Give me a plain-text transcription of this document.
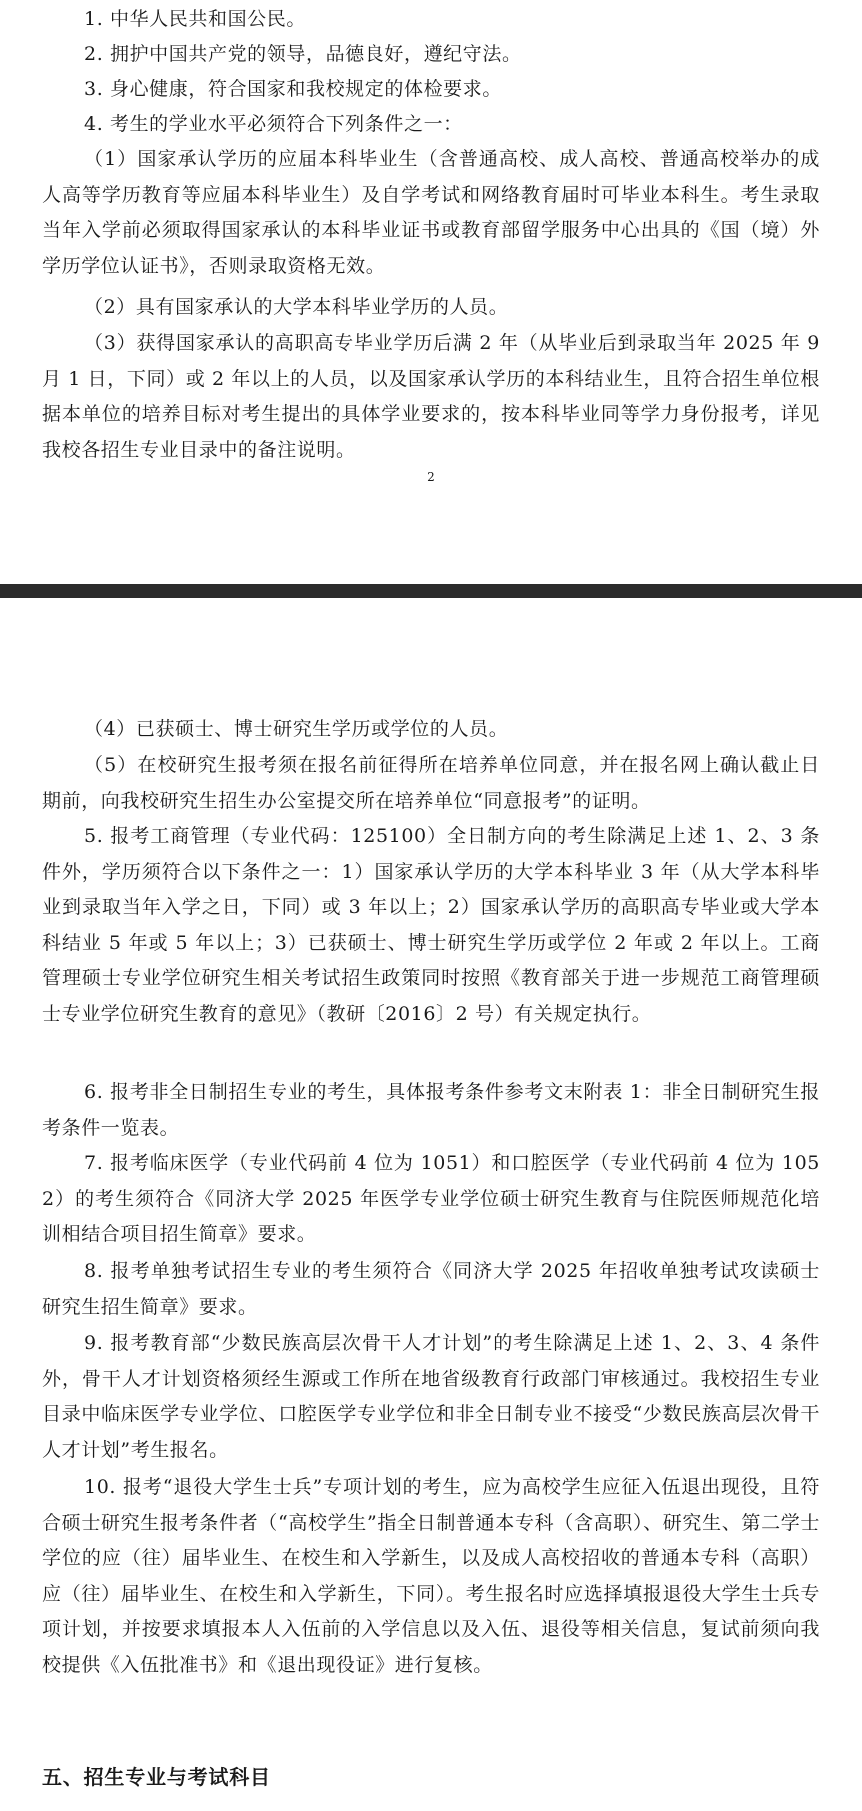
1. 中华人民共和国公民。

2. 拥护中国共产党的领导，品德良好，遵纪守法。

3. 身心健康，符合国家和我校规定的体检要求。

4. 考生的学业水平必须符合下列条件之一：

（1）国家承认学历的应届本科毕业生（含普通高校、成人高校、普通高校举办的成人高等学历教育等应届本科毕业生）及自学考试和网络教育届时可毕业本科生。考生录取当年入学前必须取得国家承认的本科毕业证书或教育部留学服务中心出具的《国（境）外学历学位认证书》，否则录取资格无效。

（2）具有国家承认的大学本科毕业学历的人员。

（3）获得国家承认的高职高专毕业学历后满 2 年（从毕业后到录取当年 2025 年 9 月 1 日，下同）或 2 年以上的人员，以及国家承认学历的本科结业生，且符合招生单位根据本单位的培养目标对考生提出的具体学业要求的，按本科毕业同等学力身份报考，详见我校各招生专业目录中的备注说明。

2

（4）已获硕士、博士研究生学历或学位的人员。

（5）在校研究生报考须在报名前征得所在培养单位同意，并在报名网上确认截止日期前，向我校研究生招生办公室提交所在培养单位“同意报考”的证明。

5. 报考工商管理（专业代码：125100）全日制方向的考生除满足上述 1、2、3 条件外，学历须符合以下条件之一：1）国家承认学历的大学本科毕业 3 年（从大学本科毕业到录取当年入学之日，下同）或 3 年以上；2）国家承认学历的高职高专毕业或大学本科结业 5 年或 5 年以上；3）已获硕士、博士研究生学历或学位 2 年或 2 年以上。工商管理硕士专业学位研究生相关考试招生政策同时按照《教育部关于进一步规范工商管理硕士专业学位研究生教育的意见》（教研〔2016〕2 号）有关规定执行。

6. 报考非全日制招生专业的考生，具体报考条件参考文末附表 1：非全日制研究生报考条件一览表。

7. 报考临床医学（专业代码前 4 位为 1051）和口腔医学（专业代码前 4 位为 1052）的考生须符合《同济大学 2025 年医学专业学位硕士研究生教育与住院医师规范化培训相结合项目招生简章》要求。

8. 报考单独考试招生专业的考生须符合《同济大学 2025 年招收单独考试攻读硕士研究生招生简章》要求。

9. 报考教育部“少数民族高层次骨干人才计划”的考生除满足上述 1、2、3、4 条件外，骨干人才计划资格须经生源或工作所在地省级教育行政部门审核通过。我校招生专业目录中临床医学专业学位、口腔医学专业学位和非全日制专业不接受“少数民族高层次骨干人才计划”考生报名。

10. 报考“退役大学生士兵”专项计划的考生，应为高校学生应征入伍退出现役，且符合硕士研究生报考条件者（“高校学生”指全日制普通本专科（含高职）、研究生、第二学士学位的应（往）届毕业生、在校生和入学新生，以及成人高校招收的普通本专科（高职）应（往）届毕业生、在校生和入学新生，下同）。考生报名时应选择填报退役大学生士兵专项计划，并按要求填报本人入伍前的入学信息以及入伍、退役等相关信息，复试前须向我校提供《入伍批准书》和《退出现役证》进行复核。

五、招生专业与考试科目
